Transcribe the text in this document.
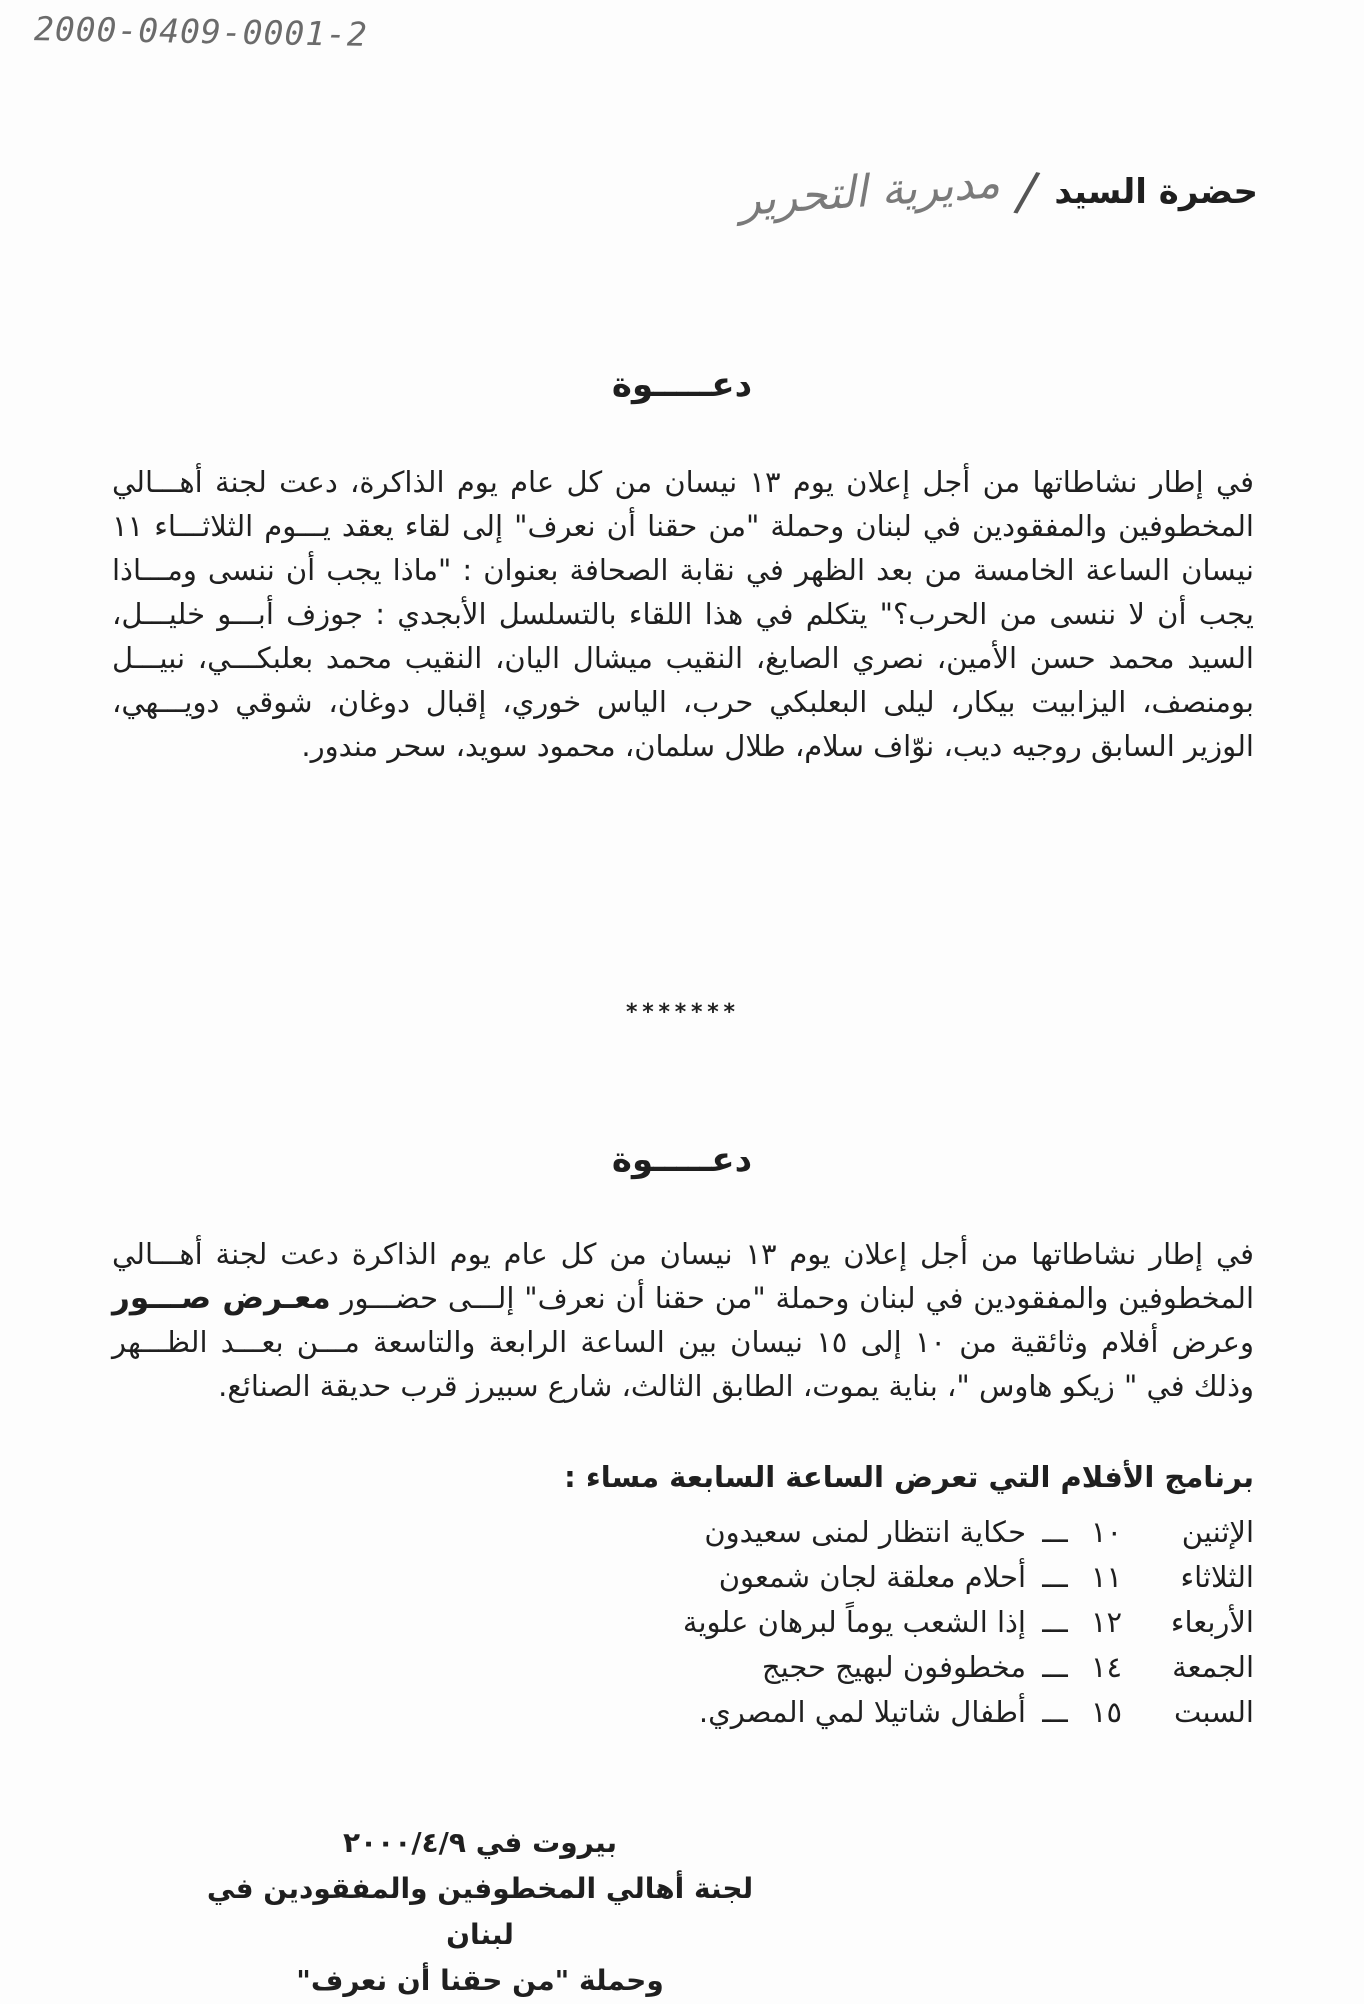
2000-0409-0001-2
حضرة السيد
/
مديرية التحرير
دعـــــوة
في إطار نشاطاتها من أجل إعلان يوم ١٣ نيسان من كل عام يوم الذاكرة، دعت لجنة أهـــالي المخطوفين والمفقودين في لبنان وحملة "من حقنا أن نعرف" إلى لقاء يعقد يـــوم الثلاثـــاء ١١ نيسان الساعة الخامسة من بعد الظهر في نقابة الصحافة بعنوان : "ماذا يجب أن ننسى ومـــاذا يجب أن لا ننسى من الحرب؟" يتكلم في هذا اللقاء بالتسلسل الأبجدي : جوزف أبـــو خليـــل، السيد محمد حسن الأمين، نصري الصايغ، النقيب ميشال اليان، النقيب محمد بعلبكـــي، نبيـــل بومنصف، اليزابيت بيكار، ليلى البعلبكي حرب، الياس خوري، إقبال دوغان، شوقي دويـــهي، الوزير السابق روجيه ديب، نوّاف سلام، طلال سلمان، محمود سويد، سحر مندور.
*******
دعـــــوة
في إطار نشاطاتها من أجل إعلان يوم ١٣ نيسان من كل عام يوم الذاكرة دعت لجنة أهـــالي المخطوفين والمفقودين في لبنان وحملة "من حقنا أن نعرف" إلـــى حضـــور معـرض صـــور وعرض أفلام وثائقية من ١٠ إلى ١٥ نيسان بين الساعة الرابعة والتاسعة مـــن بعـــد الظـــهر وذلك في " زيكو هاوس "، بناية يموت، الطابق الثالث، شارع سبيرز قرب حديقة الصنائع.
برنامج الأفلام التي تعرض الساعة السابعة مساء :
الإثنين
١٠
ـــ
حكاية انتظار لمنى سعيدون
الثلاثاء
١١
ـــ
أحلام معلقة لجان شمعون
الأربعاء
١٢
ـــ
إذا الشعب يوماً لبرهان علوية
الجمعة
١٤
ـــ
مخطوفون لبهيج حجيج
السبت
١٥
ـــ
أطفال شاتيلا لمي المصري.
بيروت في ٢٠٠٠/٤/٩
لجنة أهالي المخطوفين والمفقودين في لبنان
وحملة "من حقنا أن نعرف"
